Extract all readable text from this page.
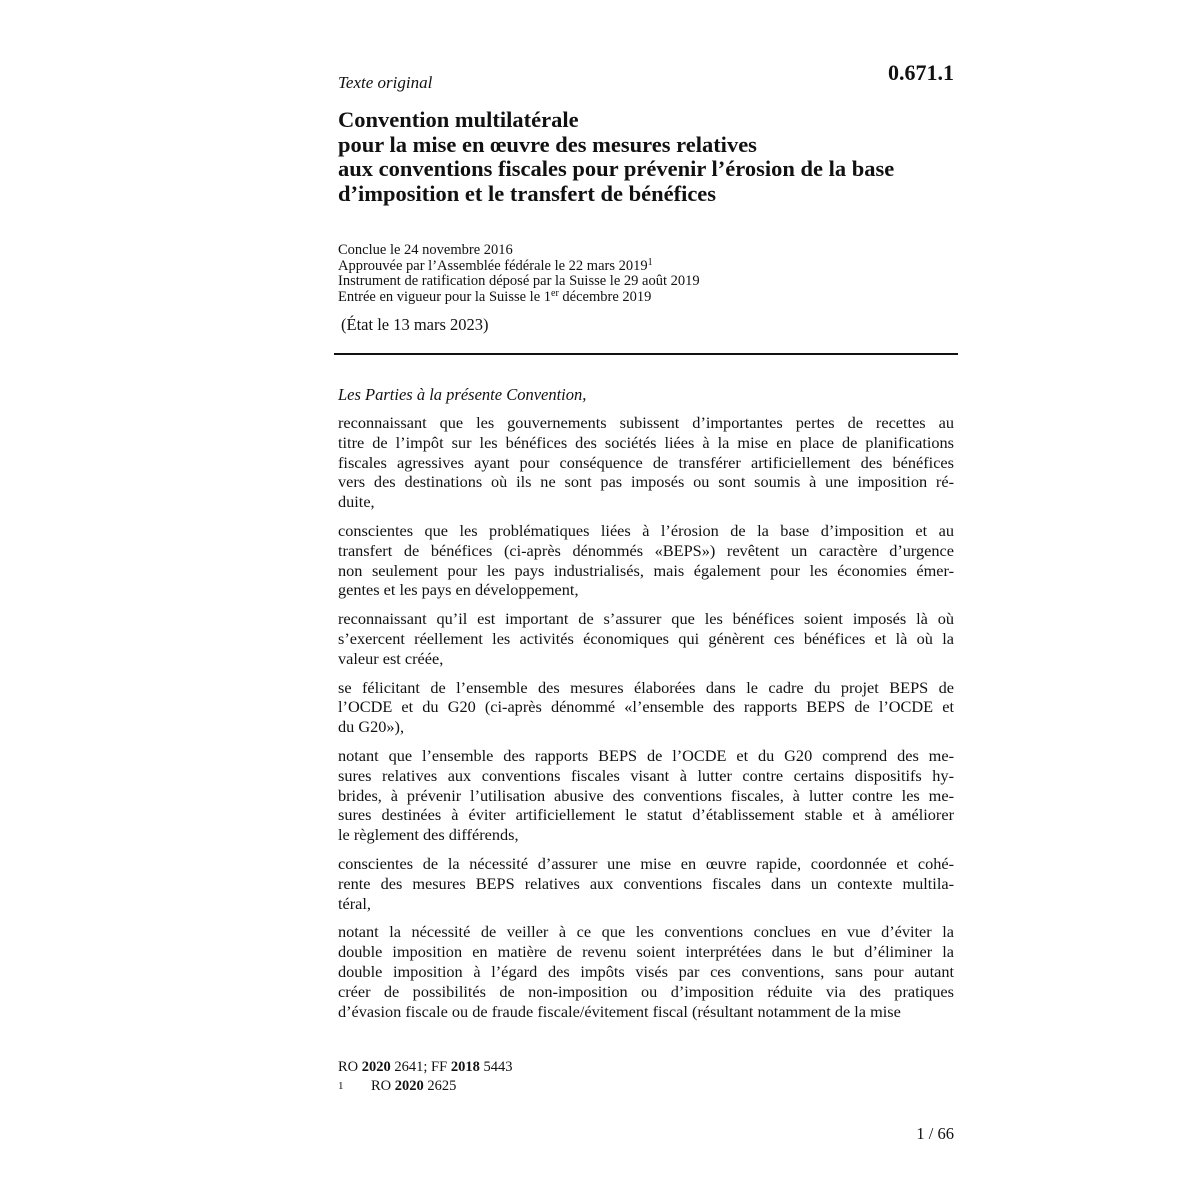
Texte original	0.671.1
Convention multilatérale
pour la mise en œuvre des mesures relatives
aux conventions fiscales pour prévenir l’érosion de la base
d’imposition et le transfert de bénéfices
Conclue le 24 novembre 2016
Approuvée par l’Assemblée fédérale le 22 mars 2019$^1$
Instrument de ratification déposé par la Suisse le 29 août 2019
Entrée en vigueur pour la Suisse le 1er décembre 2019
(État le 13 mars 2023)
Les Parties à la présente Convention,
reconnaissant que les gouvernements subissent d’importantes pertes de recettes au
titre de l’impôt sur les bénéfices des sociétés liées à la mise en place de planifications
fiscales agressives ayant pour conséquence de transférer artificiellement des bénéfices
vers des destinations où ils ne sont pas imposés ou sont soumis à une imposition ré-
duite,
conscientes que les problématiques liées à l’érosion de la base d’imposition et au
transfert de bénéfices (ci-après dénommés «BEPS») revêtent un caractère d’urgence
non seulement pour les pays industrialisés, mais également pour les économies émer-
gentes et les pays en développement,
reconnaissant qu’il est important de s’assurer que les bénéfices soient imposés là où
s’exercent réellement les activités économiques qui génèrent ces bénéfices et là où la
valeur est créée,
se félicitant de l’ensemble des mesures élaborées dans le cadre du projet BEPS de
l’OCDE et du G20 (ci-après dénommé «l’ensemble des rapports BEPS de l’OCDE et
du G20»),
notant que l’ensemble des rapports BEPS de l’OCDE et du G20 comprend des me-
sures relatives aux conventions fiscales visant à lutter contre certains dispositifs hy-
brides, à prévenir l’utilisation abusive des conventions fiscales, à lutter contre les me-
sures destinées à éviter artificiellement le statut d’établissement stable et à améliorer
le règlement des différends,
conscientes de la nécessité d’assurer une mise en œuvre rapide, coordonnée et cohé-
rente des mesures BEPS relatives aux conventions fiscales dans un contexte multila-
téral,
notant la nécessité de veiller à ce que les conventions conclues en vue d’éviter la
double imposition en matière de revenu soient interprétées dans le but d’éliminer la
double imposition à l’égard des impôts visés par ces conventions, sans pour autant
créer de possibilités de non-imposition ou d’imposition réduite via des pratiques
d’évasion fiscale ou de fraude fiscale/évitement fiscal (résultant notamment de la mise
RO 2020 2641; FF 2018 5443
1	RO 2020 2625
1 / 66
